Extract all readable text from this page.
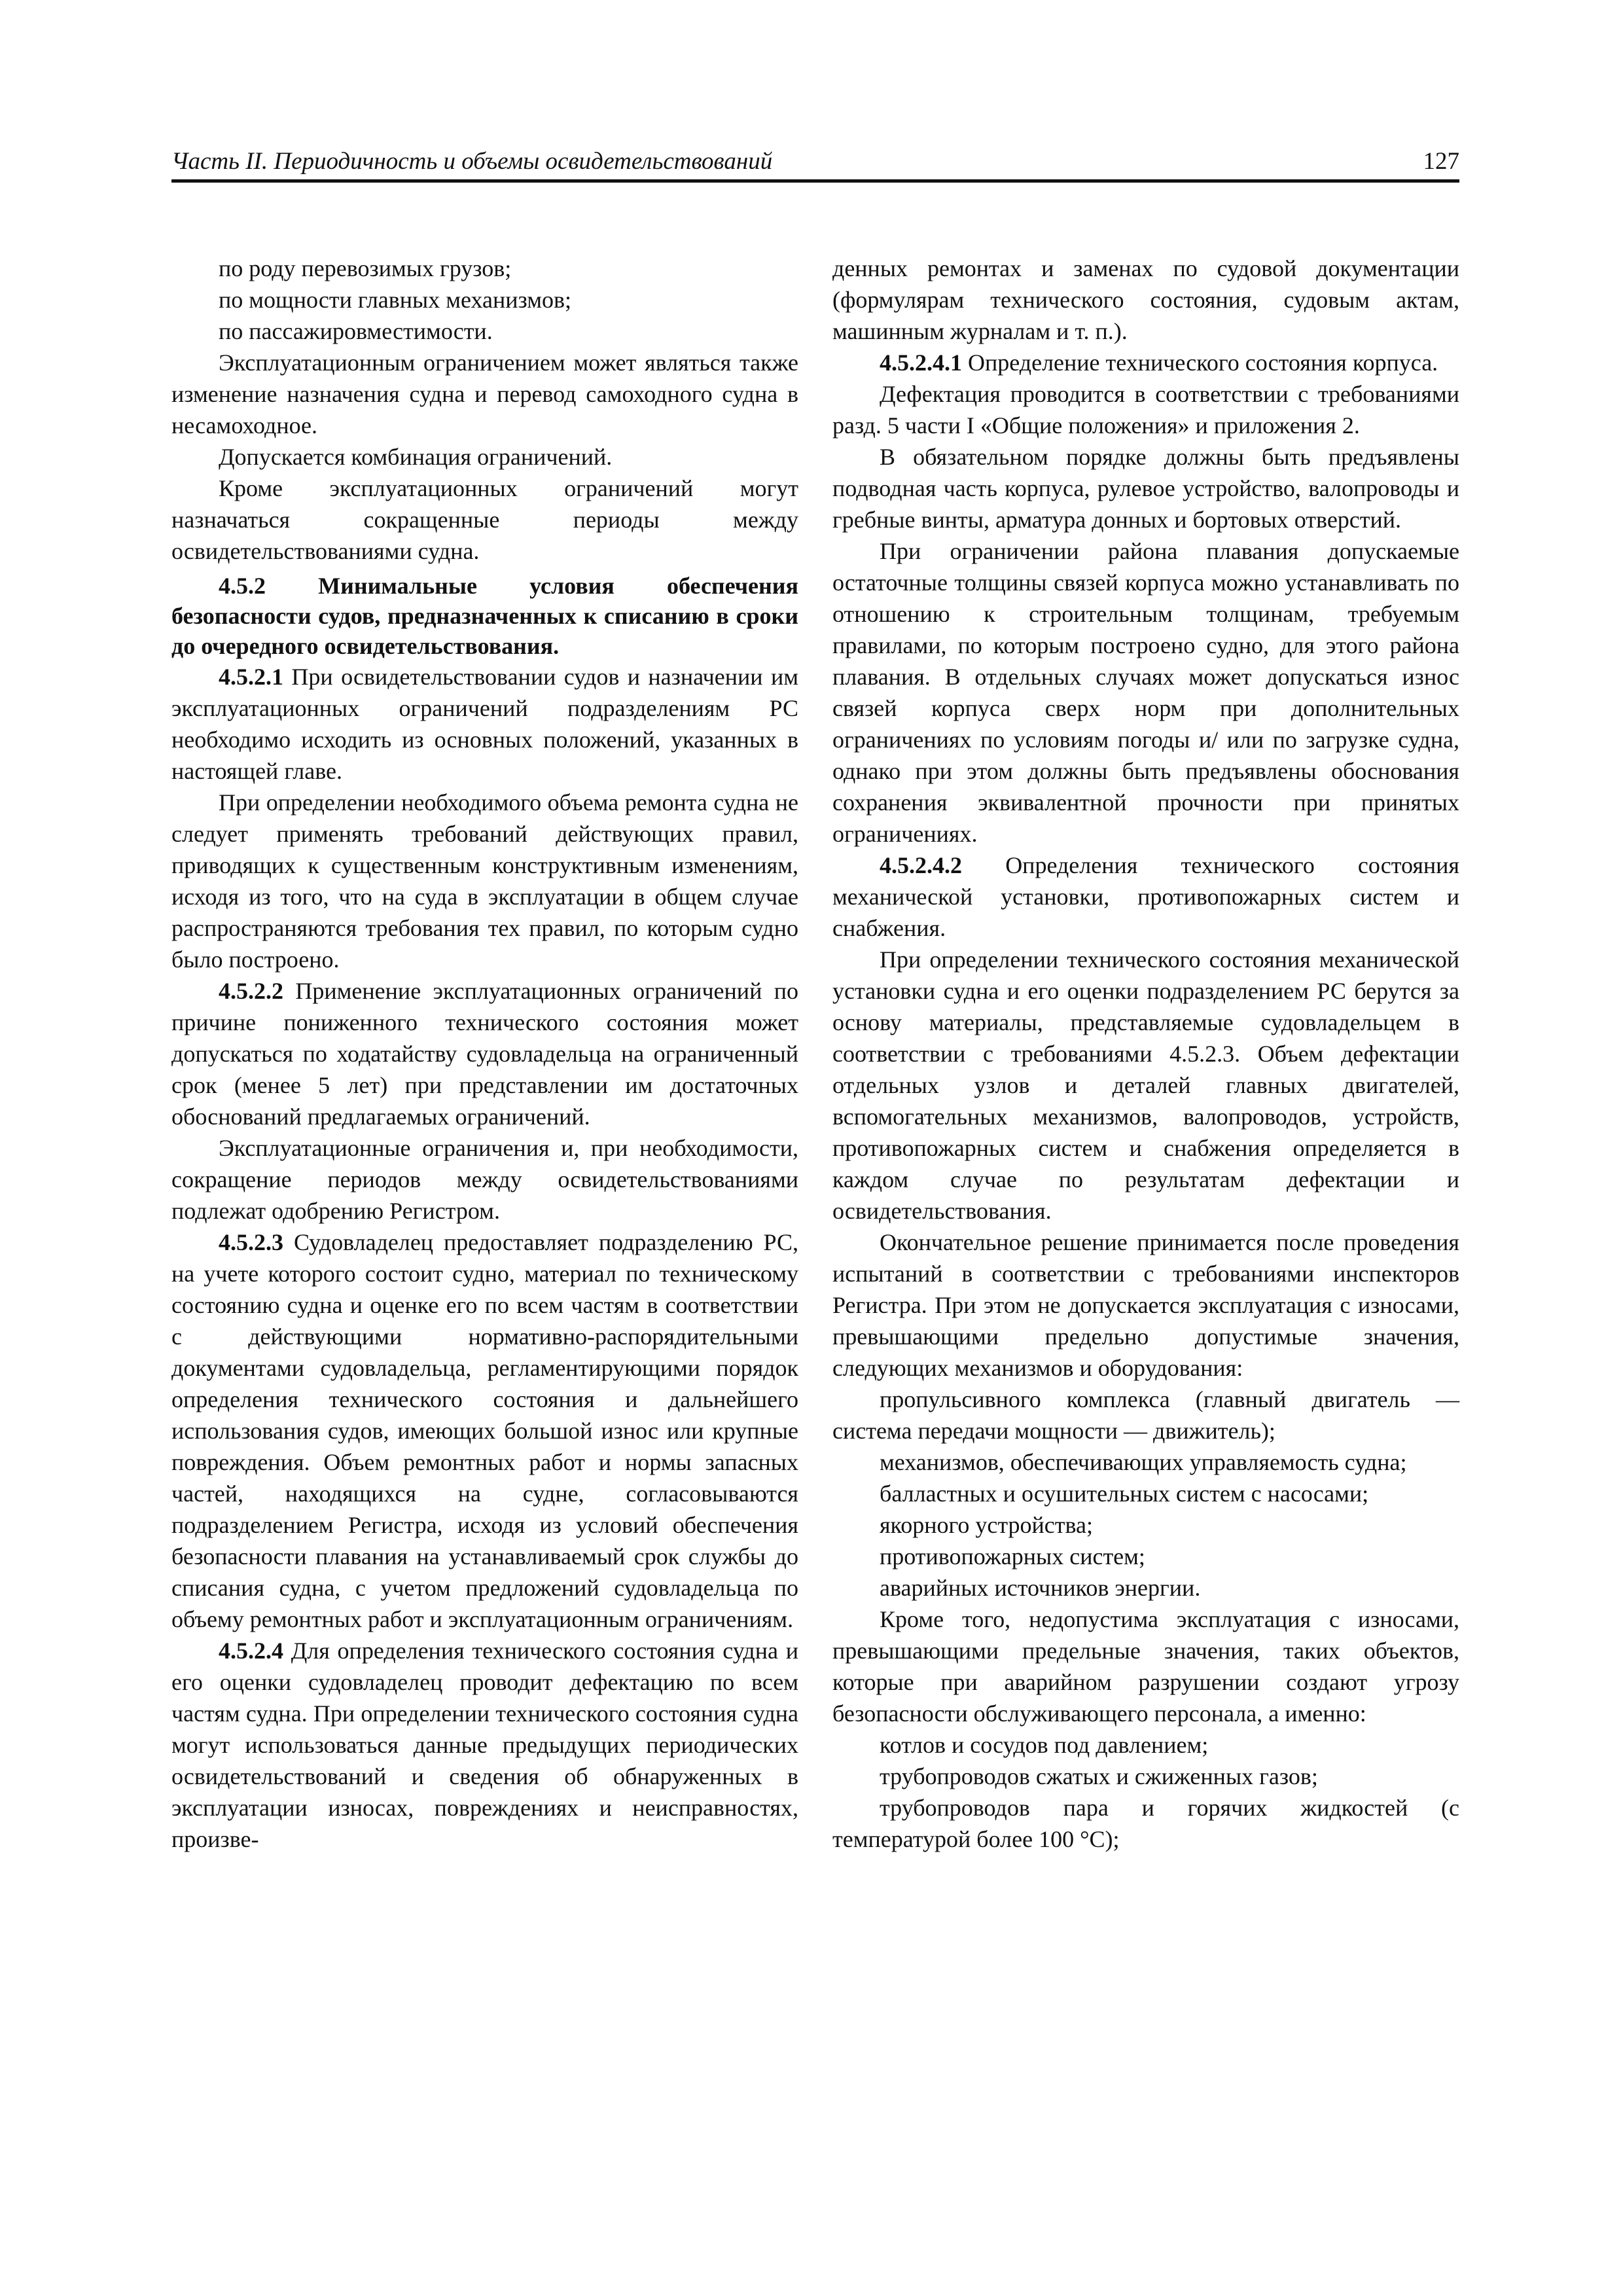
Часть II. Периодичность и объемы освидетельствований	127

по роду перевозимых грузов;

по мощности главных механизмов;

по пассажировместимости.

Эксплуатационным ограничением может являться также изменение назначения судна и перевод самоходного судна в несамоходное.

Допускается комбинация ограничений.

Кроме эксплуатационных ограничений могут назначаться сокращенные периоды между освидетельствованиями судна.

4.5.2 Минимальные условия обеспечения безопасности судов, предназначенных к списанию в сроки до очередного освидетельствования.

4.5.2.1 При освидетельствовании судов и назначении им эксплуатационных ограничений подразделениям РС необходимо исходить из основных положений, указанных в настоящей главе.

При определении необходимого объема ремонта судна не следует применять требований действующих правил, приводящих к существенным конструктивным изменениям, исходя из того, что на суда в эксплуатации в общем случае распространяются требования тех правил, по которым судно было построено.

4.5.2.2 Применение эксплуатационных ограничений по причине пониженного технического состояния может допускаться по ходатайству судовладельца на ограниченный срок (менее 5 лет) при представлении им достаточных обоснований предлагаемых ограничений.

Эксплуатационные ограничения и, при необходимости, сокращение периодов между освидетельствованиями подлежат одобрению Регистром.

4.5.2.3 Судовладелец предоставляет подразделению РС, на учете которого состоит судно, материал по техническому состоянию судна и оценке его по всем частям в соответствии с действующими нормативно-распорядительными документами судовладельца, регламентирующими порядок определения технического состояния и дальнейшего использования судов, имеющих большой износ или крупные повреждения. Объем ремонтных работ и нормы запасных частей, находящихся на судне, согласовываются подразделением Регистра, исходя из условий обеспечения безопасности плавания на устанавливаемый срок службы до списания судна, с учетом предложений судовладельца по объему ремонтных работ и эксплуатационным ограничениям.

4.5.2.4 Для определения технического состояния судна и его оценки судовладелец проводит дефектацию по всем частям судна. При определении технического состояния судна могут использоваться данные предыдущих периодических освидетельствований и сведения об обнаруженных в эксплуатации износах, повреждениях и неисправностях, произве-

денных ремонтах и заменах по судовой документации (формулярам технического состояния, судовым актам, машинным журналам и т. п.).

4.5.2.4.1 Определение технического состояния корпуса.

Дефектация проводится в соответствии с требованиями разд. 5 части I «Общие положения» и приложения 2.

В обязательном порядке должны быть предъявлены подводная часть корпуса, рулевое устройство, валопроводы и гребные винты, арматура донных и бортовых отверстий.

При ограничении района плавания допускаемые остаточные толщины связей корпуса можно устанавливать по отношению к строительным толщинам, требуемым правилами, по которым построено судно, для этого района плавания. В отдельных случаях может допускаться износ связей корпуса сверх норм при дополнительных ограничениях по условиям погоды и/ или по загрузке судна, однако при этом должны быть предъявлены обоснования сохранения эквивалентной прочности при принятых ограничениях.

4.5.2.4.2 Определения технического состояния механической установки, противопожарных систем и снабжения.

При определении технического состояния механической установки судна и его оценки подразделением РС берутся за основу материалы, представляемые судовладельцем в соответствии с требованиями 4.5.2.3. Объем дефектации отдельных узлов и деталей главных двигателей, вспомогательных механизмов, валопроводов, устройств, противопожарных систем и снабжения определяется в каждом случае по результатам дефектации и освидетельствования.

Окончательное решение принимается после проведения испытаний в соответствии с требованиями инспекторов Регистра. При этом не допускается эксплуатация с износами, превышающими предельно допустимые значения, следующих механизмов и оборудования:

пропульсивного комплекса (главный двигатель — система передачи мощности — движитель);

механизмов, обеспечивающих управляемость судна;

балластных и осушительных систем с насосами;

якорного устройства;

противопожарных систем;

аварийных источников энергии.

Кроме того, недопустима эксплуатация с износами, превышающими предельные значения, таких объектов, которые при аварийном разрушении создают угрозу безопасности обслуживающего персонала, а именно:

котлов и сосудов под давлением;

трубопроводов сжатых и сжиженных газов;

трубопроводов пара и горячих жидкостей (с температурой более 100 °C);
